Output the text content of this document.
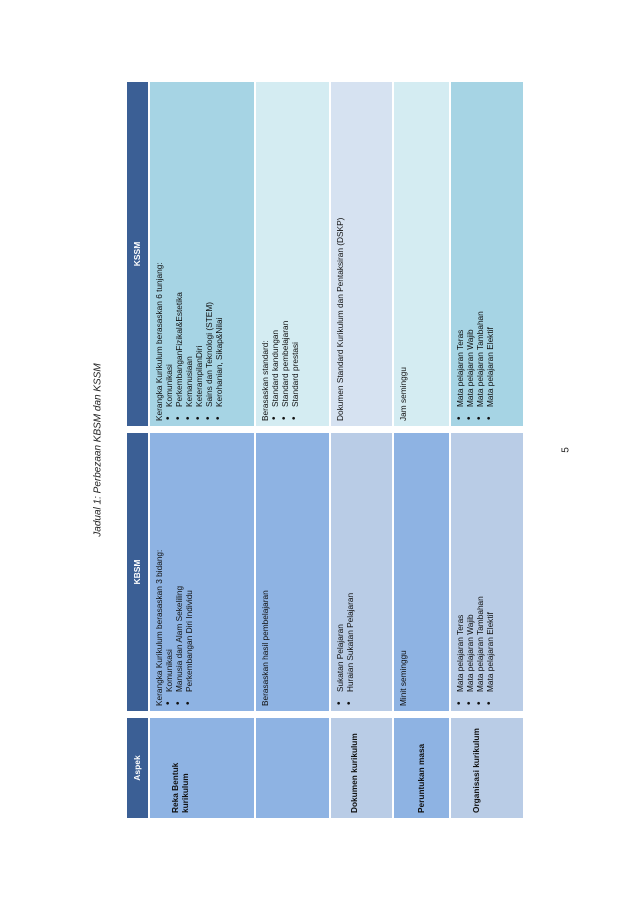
Jadual 1: Perbezaan KBSM dan KSSM	5
Aspek
KBSM
KSSM
Reka Bentuk kurikulum
Kerangka Kurikulum berasaskan 3 bidang: • Komunikasi • Manusia dan Alam Sekeliling • Perkembangan Diri Individu
Kerangka Kurikulum berasaskan 6 tunjang: • Komunikasi • PerkembanganFizikal&Estetika • Kemanusiaan • KeterampilanDiri • Sains dan Teknologi (STEM) • Kerohanian, Sikap&Nilai
Berasaskan hasil pembelajaran
Berasaskan standard: • Standard kandungan • Standard pembelajaran • Standard prestasi
Dokumen kurikulum
• Sukatan Pelajaran • Huraian Sukatan Pelajaran
Dokumen Standard Kurikulum dan Pentaksiran (DSKP)
Peruntukan masa
Minit seminggu
Jam seminggu
Organisasi kurikulum
• Mata pelajaran Teras • Mata pelajaran Wajib • Mata pelajaran Tambahan • Mata pelajaran Elektif
• Mata pelajaran Teras • Mata pelajaran Wajib • Mata pelajaran Tambahan • Mata pelajaran Elektif
